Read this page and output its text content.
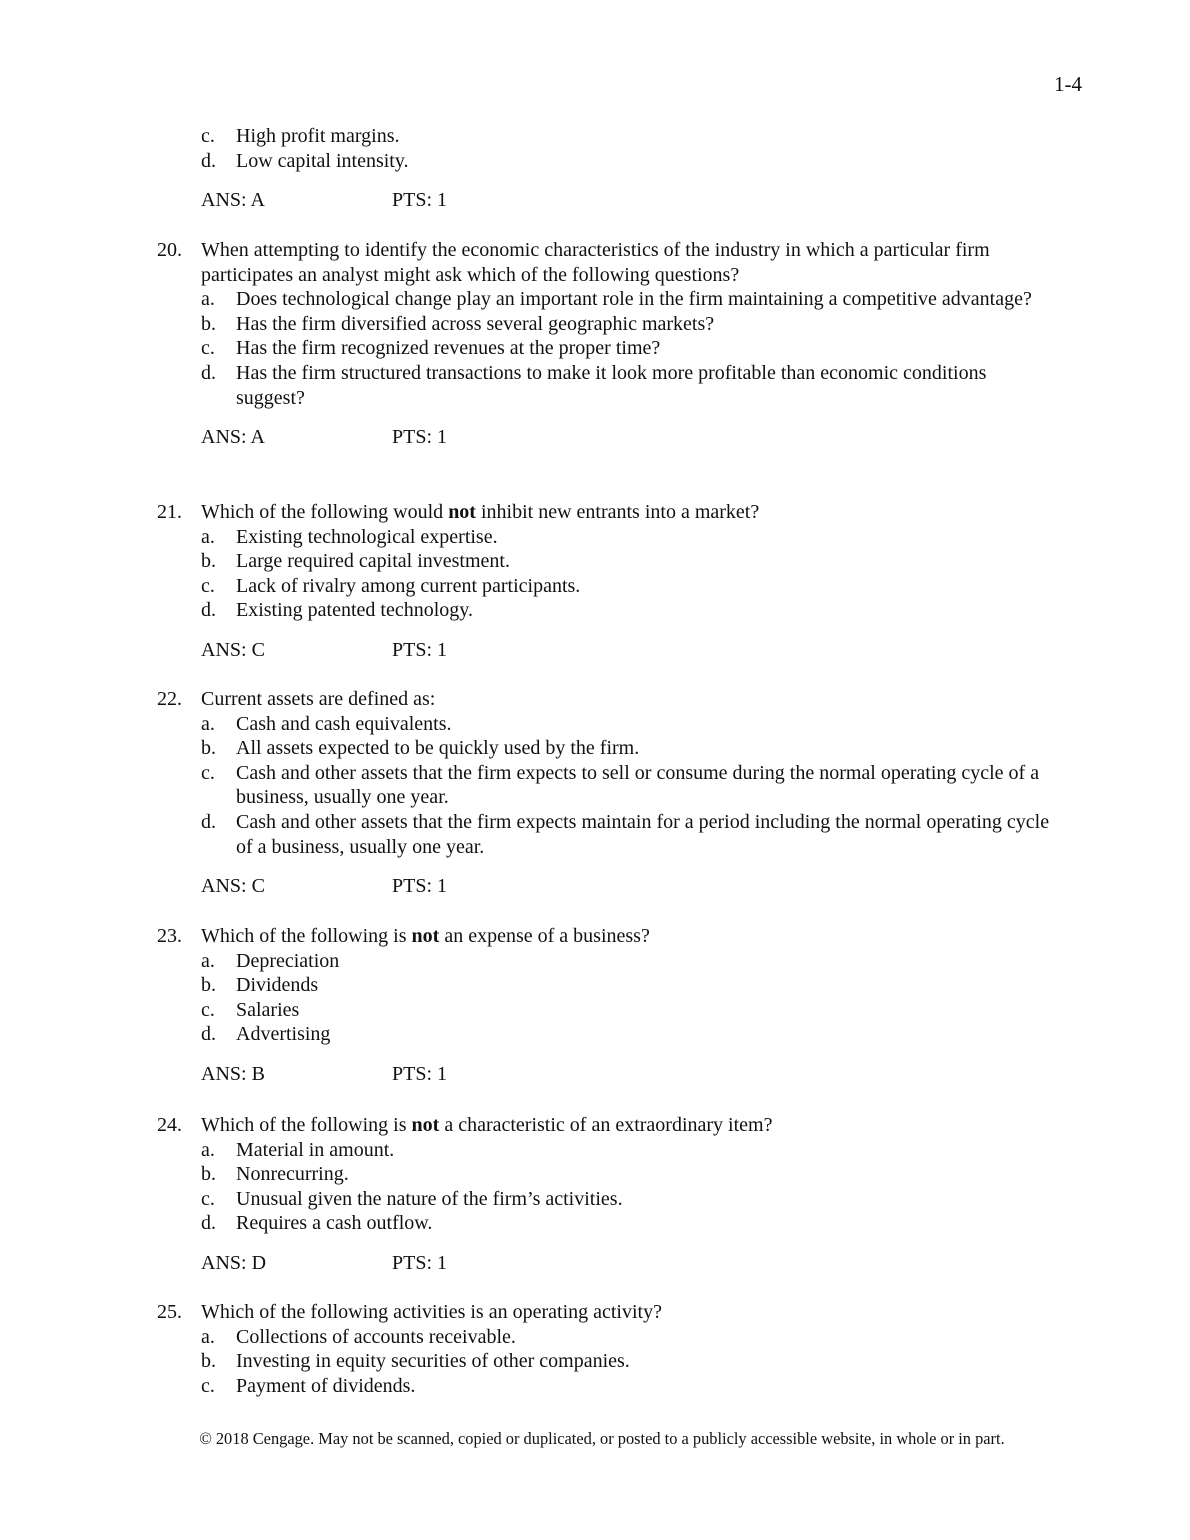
1-4
c.	High profit margins.
d.	Low capital intensity.
ANS: A	PTS: 1
20. When attempting to identify the economic characteristics of the industry in which a particular firm participates an analyst might ask which of the following questions?
a.	Does technological change play an important role in the firm maintaining a competitive advantage?
b.	Has the firm diversified across several geographic markets?
c.	Has the firm recognized revenues at the proper time?
d.	Has the firm structured transactions to make it look more profitable than economic conditions suggest?
ANS: A	PTS: 1
21. Which of the following would not inhibit new entrants into a market?
a.	Existing technological expertise.
b.	Large required capital investment.
c.	Lack of rivalry among current participants.
d.	Existing patented technology.
ANS: C	PTS: 1
22. Current assets are defined as:
a.	Cash and cash equivalents.
b.	All assets expected to be quickly used by the firm.
c.	Cash and other assets that the firm expects to sell or consume during the normal operating cycle of a business, usually one year.
d.	Cash and other assets that the firm expects maintain for a period including the normal operating cycle of a business, usually one year.
ANS: C	PTS: 1
23. Which of the following is not an expense of a business?
a.	Depreciation
b.	Dividends
c.	Salaries
d.	Advertising
ANS: B	PTS: 1
24. Which of the following is not a characteristic of an extraordinary item?
a.	Material in amount.
b.	Nonrecurring.
c.	Unusual given the nature of the firm’s activities.
d.	Requires a cash outflow.
ANS: D	PTS: 1
25. Which of the following activities is an operating activity?
a.	Collections of accounts receivable.
b.	Investing in equity securities of other companies.
c.	Payment of dividends.
© 2018 Cengage. May not be scanned, copied or duplicated, or posted to a publicly accessible website, in whole or in part.
